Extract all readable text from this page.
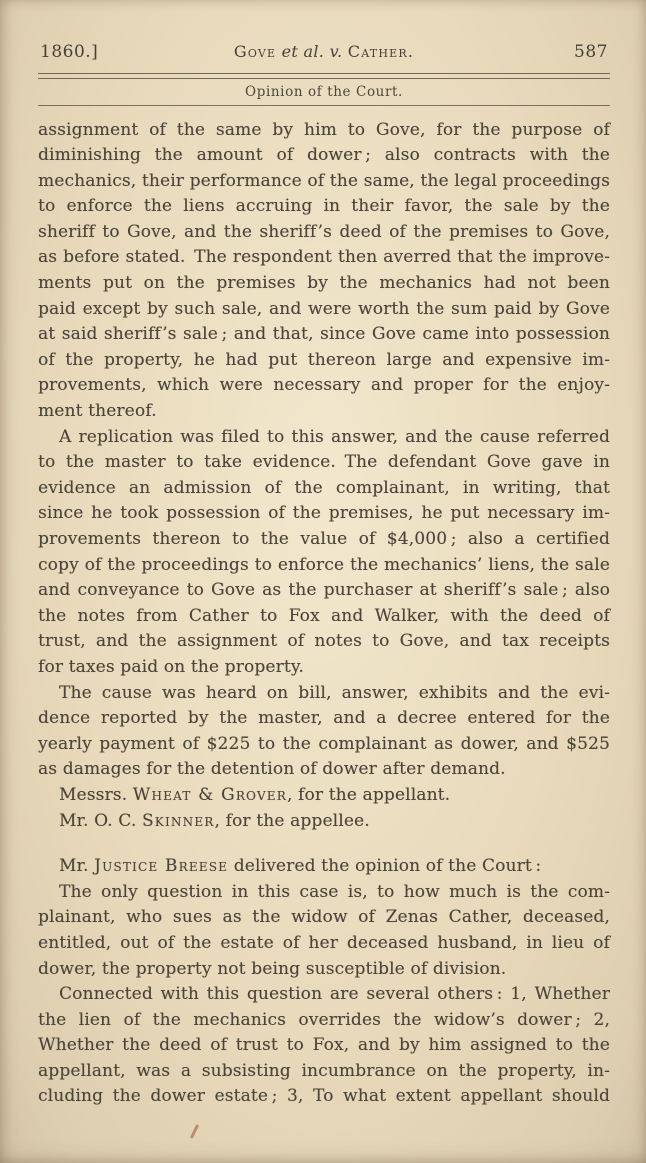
1860.]	Gove et al. v. Cather.	587
Opinion of the Court.
assignment of the same by him to Gove, for the purpose of
diminishing the amount of dower ; also contracts with the
mechanics, their performance of the same, the legal proceedings
to enforce the liens accruing in their favor, the sale by the
sheriff to Gove, and the sheriff’s deed of the premises to Gove,
as before stated. The respondent then averred that the improve-
ments put on the premises by the mechanics had not been
paid except by such sale, and were worth the sum paid by Gove
at said sheriff’s sale ; and that, since Gove came into possession
of the property, he had put thereon large and expensive im-
provements, which were necessary and proper for the enjoy-
ment thereof.
A replication was filed to this answer, and the cause referred
to the master to take evidence. The defendant Gove gave in
evidence an admission of the complainant, in writing, that
since he took possession of the premises, he put necessary im-
provements thereon to the value of $4,000 ; also a certified
copy of the proceedings to enforce the mechanics’ liens, the sale
and conveyance to Gove as the purchaser at sheriff’s sale ; also
the notes from Cather to Fox and Walker, with the deed of
trust, and the assignment of notes to Gove, and tax receipts
for taxes paid on the property.
The cause was heard on bill, answer, exhibits and the evi-
dence reported by the master, and a decree entered for the
yearly payment of $225 to the complainant as dower, and $525
as damages for the detention of dower after demand.
Messrs. Wheat & Grover, for the appellant.
Mr. O. C. Skinner, for the appellee.
Mr. Justice Breese delivered the opinion of the Court :
The only question in this case is, to how much is the com-
plainant, who sues as the widow of Zenas Cather, deceased,
entitled, out of the estate of her deceased husband, in lieu of
dower, the property not being susceptible of division.
Connected with this question are several others : 1, Whether
the lien of the mechanics overrides the widow’s dower ; 2,
Whether the deed of trust to Fox, and by him assigned to the
appellant, was a subsisting incumbrance on the property, in-
cluding the dower estate ; 3, To what extent appellant should
